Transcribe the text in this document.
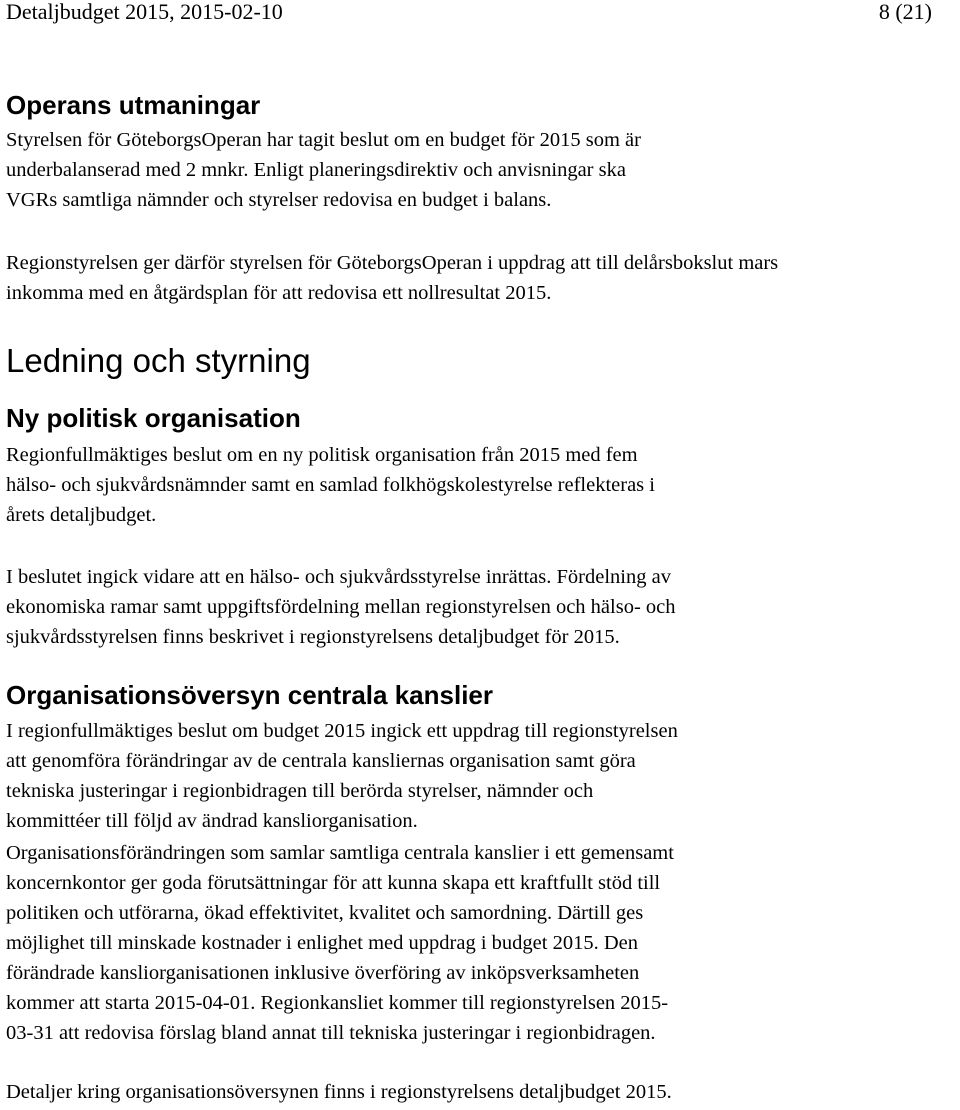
Detaljbudget 2015, 2015-02-10	8 (21)
Operans utmaningar

Styrelsen för GöteborgsOperan har tagit beslut om en budget för 2015 som är
underbalanserad med 2 mnkr. Enligt planeringsdirektiv och anvisningar ska
VGRs samtliga nämnder och styrelser redovisa en budget i balans.

Regionstyrelsen ger därför styrelsen för GöteborgsOperan i uppdrag att till delårsbokslut mars
inkomma med en åtgärdsplan för att redovisa ett nollresultat 2015.

Ledning och styrning
Ny politisk organisation

Regionfullmäktiges beslut om en ny politisk organisation från 2015 med fem
hälso- och sjukvårdsnämnder samt en samlad folkhögskolestyrelse reflekteras i
årets detaljbudget.

I beslutet ingick vidare att en hälso- och sjukvårdsstyrelse inrättas. Fördelning av
ekonomiska ramar samt uppgiftsfördelning mellan regionstyrelsen och hälso- och
sjukvårdsstyrelsen finns beskrivet i regionstyrelsens detaljbudget för 2015.

Organisationsöversyn centrala kanslier

I regionfullmäktiges beslut om budget 2015 ingick ett uppdrag till regionstyrelsen
att genomföra förändringar av de centrala kansliernas organisation samt göra
tekniska justeringar i regionbidragen till berörda styrelser, nämnder och
kommittéer till följd av ändrad kansliorganisation.

Organisationsförändringen som samlar samtliga centrala kanslier i ett gemensamt
koncernkontor ger goda förutsättningar för att kunna skapa ett kraftfullt stöd till
politiken och utförarna, ökad effektivitet, kvalitet och samordning. Därtill ges
möjlighet till minskade kostnader i enlighet med uppdrag i budget 2015. Den
förändrade kansliorganisationen inklusive överföring av inköpsverksamheten
kommer att starta 2015-04-01. Regionkansliet kommer till regionstyrelsen 2015-
03-31 att redovisa förslag bland annat till tekniska justeringar i regionbidragen.

Detaljer kring organisationsöversynen finns i regionstyrelsens detaljbudget 2015.
